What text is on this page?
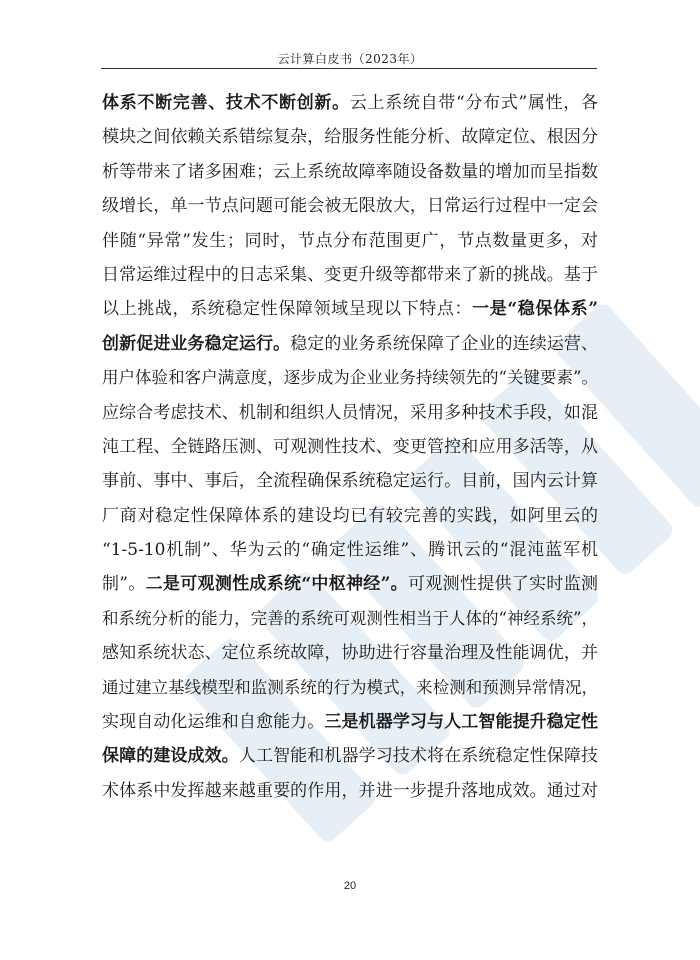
云计算白皮书（2023年）
体系不断完善、技术不断创新。云上系统自带“分布式”属性，各
模块之间依赖关系错综复杂，给服务性能分析、故障定位、根因分
析等带来了诸多困难；云上系统故障率随设备数量的增加而呈指数
级增长，单一节点问题可能会被无限放大，日常运行过程中一定会
伴随“异常”发生；同时，节点分布范围更广，节点数量更多，对
日常运维过程中的日志采集、变更升级等都带来了新的挑战。基于
以上挑战，系统稳定性保障领域呈现以下特点：一是“稳保体系”
创新促进业务稳定运行。稳定的业务系统保障了企业的连续运营、
用户体验和客户满意度，逐步成为企业业务持续领先的“关键要素”。
应综合考虑技术、机制和组织人员情况，采用多种技术手段，如混
沌工程、全链路压测、可观测性技术、变更管控和应用多活等，从
事前、事中、事后，全流程确保系统稳定运行。目前，国内云计算
厂商对稳定性保障体系的建设均已有较完善的实践，如阿里云的
“1-5-10机制”、华为云的“确定性运维”、腾讯云的“混沌蓝军机
制”。二是可观测性成系统“中枢神经”。可观测性提供了实时监测
和系统分析的能力，完善的系统可观测性相当于人体的“神经系统”，
感知系统状态、定位系统故障，协助进行容量治理及性能调优，并
通过建立基线模型和监测系统的行为模式，来检测和预测异常情况，
实现自动化运维和自愈能力。三是机器学习与人工智能提升稳定性
保障的建设成效。人工智能和机器学习技术将在系统稳定性保障技
术体系中发挥越来越重要的作用，并进一步提升落地成效。通过对
20
